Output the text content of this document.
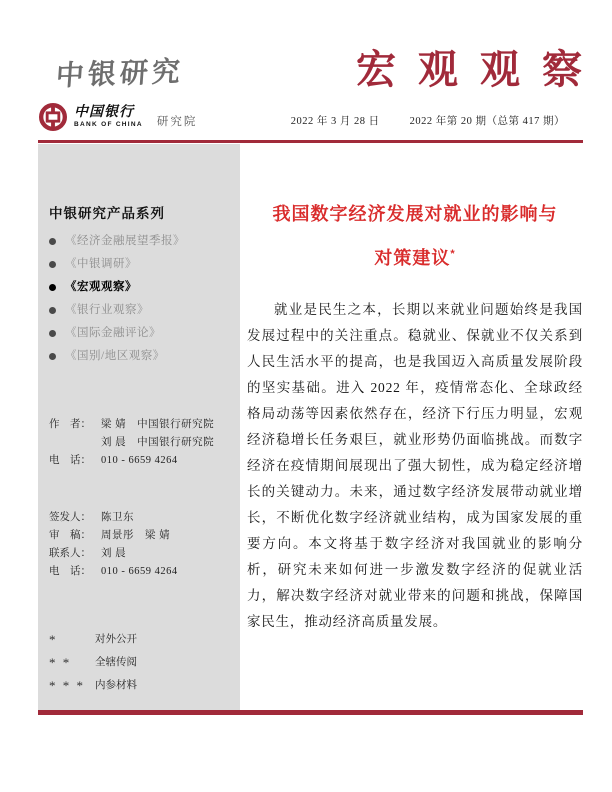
中银研究	宏观观察
中国银行
BANK OF CHINA 研究院	2022 年 3 月 28 日	2022 年第 20 期（总第 417 期）
中银研究产品系列
《经济金融展望季报》
《中银调研》
《宏观观察》
《银行业观察》
《国际金融评论》
《国别/地区观察》
作　者： 梁 婧　中国银行研究院
刘 晨　中国银行研究院
电　话： 010 - 6659 4264
签发人： 陈卫东
审　稿： 周景彤　梁 婧
联系人： 刘 晨
电　话： 010 - 6659 4264
*	对外公开
* *	全辖传阅
* * * 内参材料
我国数字经济发展对就业的影响与
对策建议*

就业是民生之本，长期以来就业问题始终是我国发展过程中的关注重点。稳就业、保就业不仅关系到人民生活水平的提高，也是我国迈入高质量发展阶段的坚实基础。进入 2022 年，疫情常态化、全球政经格局动荡等因素依然存在，经济下行压力明显，宏观经济稳增长任务艰巨，就业形势仍面临挑战。而数字经济在疫情期间展现出了强大韧性，成为稳定经济增长的关键动力。未来，通过数字经济发展带动就业增长，不断优化数字经济就业结构，成为国家发展的重要方向。本文将基于数字经济对我国就业的影响分析，研究未来如何进一步激发数字经济的促就业活力，解决数字经济对就业带来的问题和挑战，保障国家民生，推动经济高质量发展。
